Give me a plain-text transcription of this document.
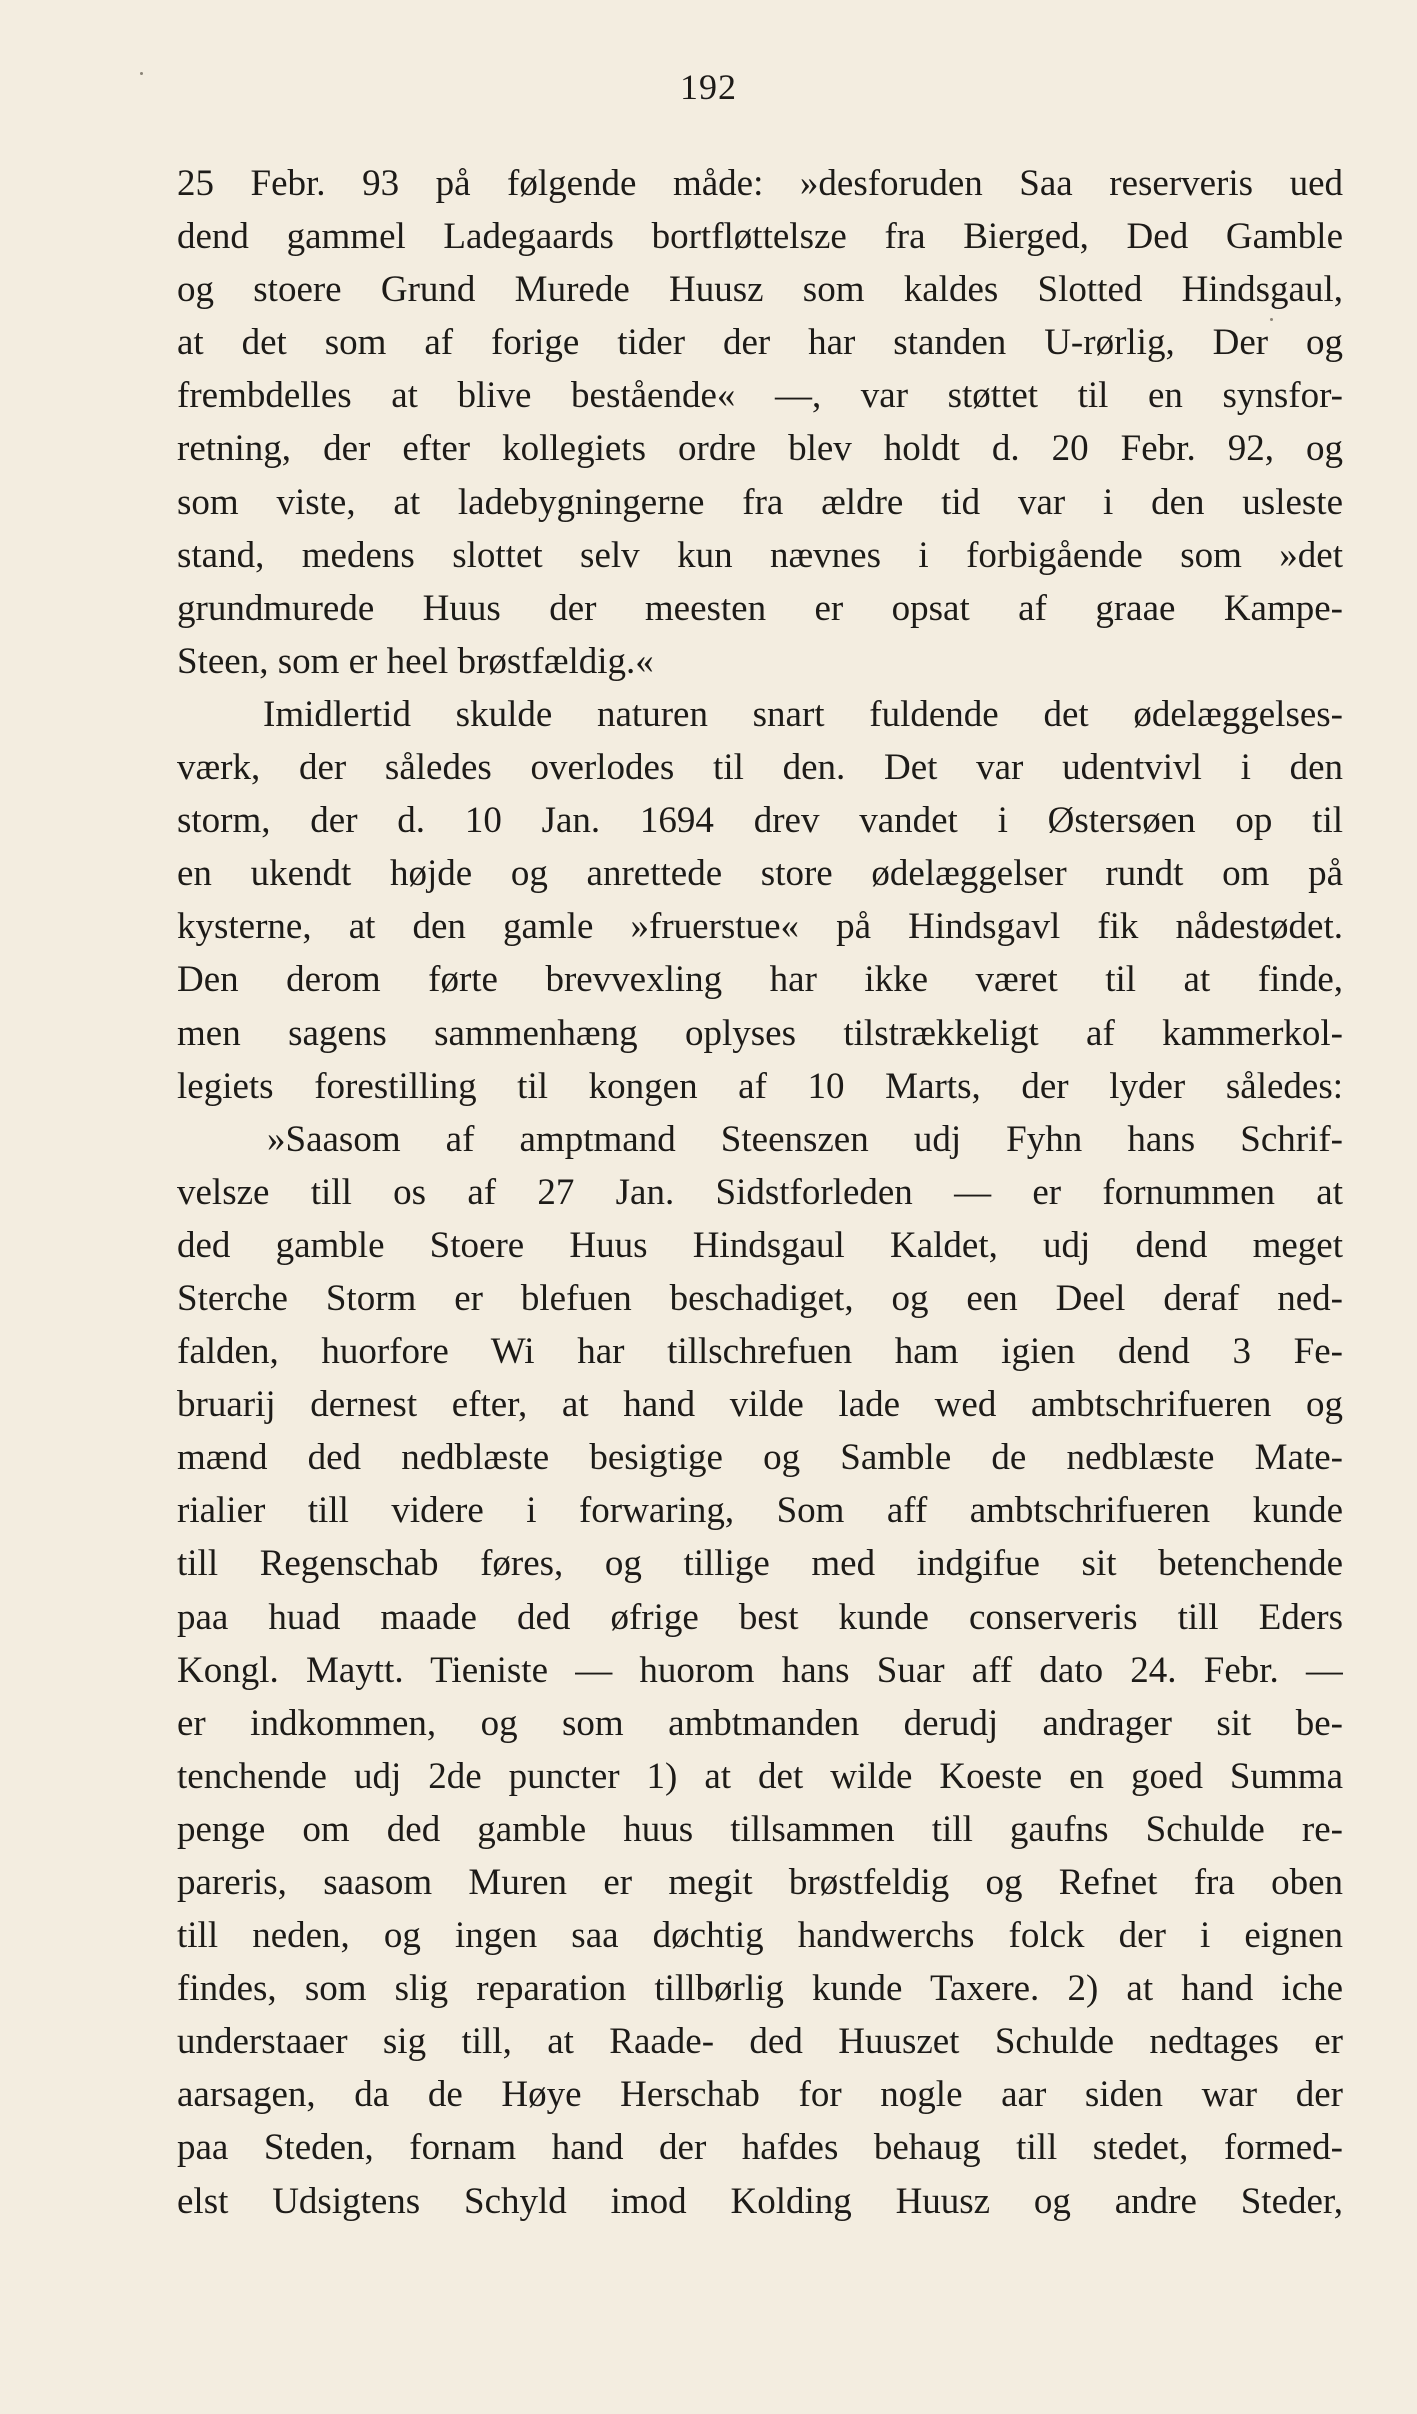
192
25 Febr. 93 på følgende måde: »desforuden Saa reserveris ued
dend gammel Ladegaards bortfløttelsze fra Bierged, Ded Gamble
og stoere Grund Murede Huusz som kaldes Slotted Hindsgaul,
at det som af forige tider der har standen U-rørlig, Der og
frembdelles at blive bestående« —, var støttet til en synsfor-
retning, der efter kollegiets ordre blev holdt d. 20 Febr. 92, og
som viste, at ladebygningerne fra ældre tid var i den usleste
stand, medens slottet selv kun nævnes i forbigående som »det
grundmurede Huus der meesten er opsat af graae Kampe-
Steen, som er heel brøstfældig.«
Imidlertid skulde naturen snart fuldende det ødelæggelses-
værk, der således overlodes til den. Det var udentvivl i den
storm, der d. 10 Jan. 1694 drev vandet i Østersøen op til
en ukendt højde og anrettede store ødelæggelser rundt om på
kysterne, at den gamle »fruerstue« på Hindsgavl fik nådestødet.
Den derom førte brevvexling har ikke været til at finde,
men sagens sammenhæng oplyses tilstrækkeligt af kammerkol-
legiets forestilling til kongen af 10 Marts, der lyder således:
»Saasom af amptmand Steenszen udj Fyhn hans Schrif-
velsze till os af 27 Jan. Sidstforleden — er fornummen at
ded gamble Stoere Huus Hindsgaul Kaldet, udj dend meget
Sterche Storm er blefuen beschadiget, og een Deel deraf ned-
falden, huorfore Wi har tillschrefuen ham igien dend 3 Fe-
bruarij dernest efter, at hand vilde lade wed ambtschrifueren og
mænd ded nedblæste besigtige og Samble de nedblæste Mate-
rialier till videre i forwaring, Som aff ambtschrifueren kunde
till Regenschab føres, og tillige med indgifue sit betenchende
paa huad maade ded øfrige best kunde conserveris till Eders
Kongl. Maytt. Tieniste — huorom hans Suar aff dato 24. Febr. —
er indkommen, og som ambtmanden derudj andrager sit be-
tenchende udj 2de puncter 1) at det wilde Koeste en goed Summa
penge om ded gamble huus tillsammen till gaufns Schulde re-
pareris, saasom Muren er megit brøstfeldig og Refnet fra oben
till neden, og ingen saa døchtig handwerchs folck der i eignen
findes, som slig reparation tillbørlig kunde Taxere. 2) at hand iche
understaaer sig till, at Raade- ded Huuszet Schulde nedtages er
aarsagen, da de Høye Herschab for nogle aar siden war der
paa Steden, fornam hand der hafdes behaug till stedet, formed-
elst Udsigtens Schyld imod Kolding Huusz og andre Steder,
